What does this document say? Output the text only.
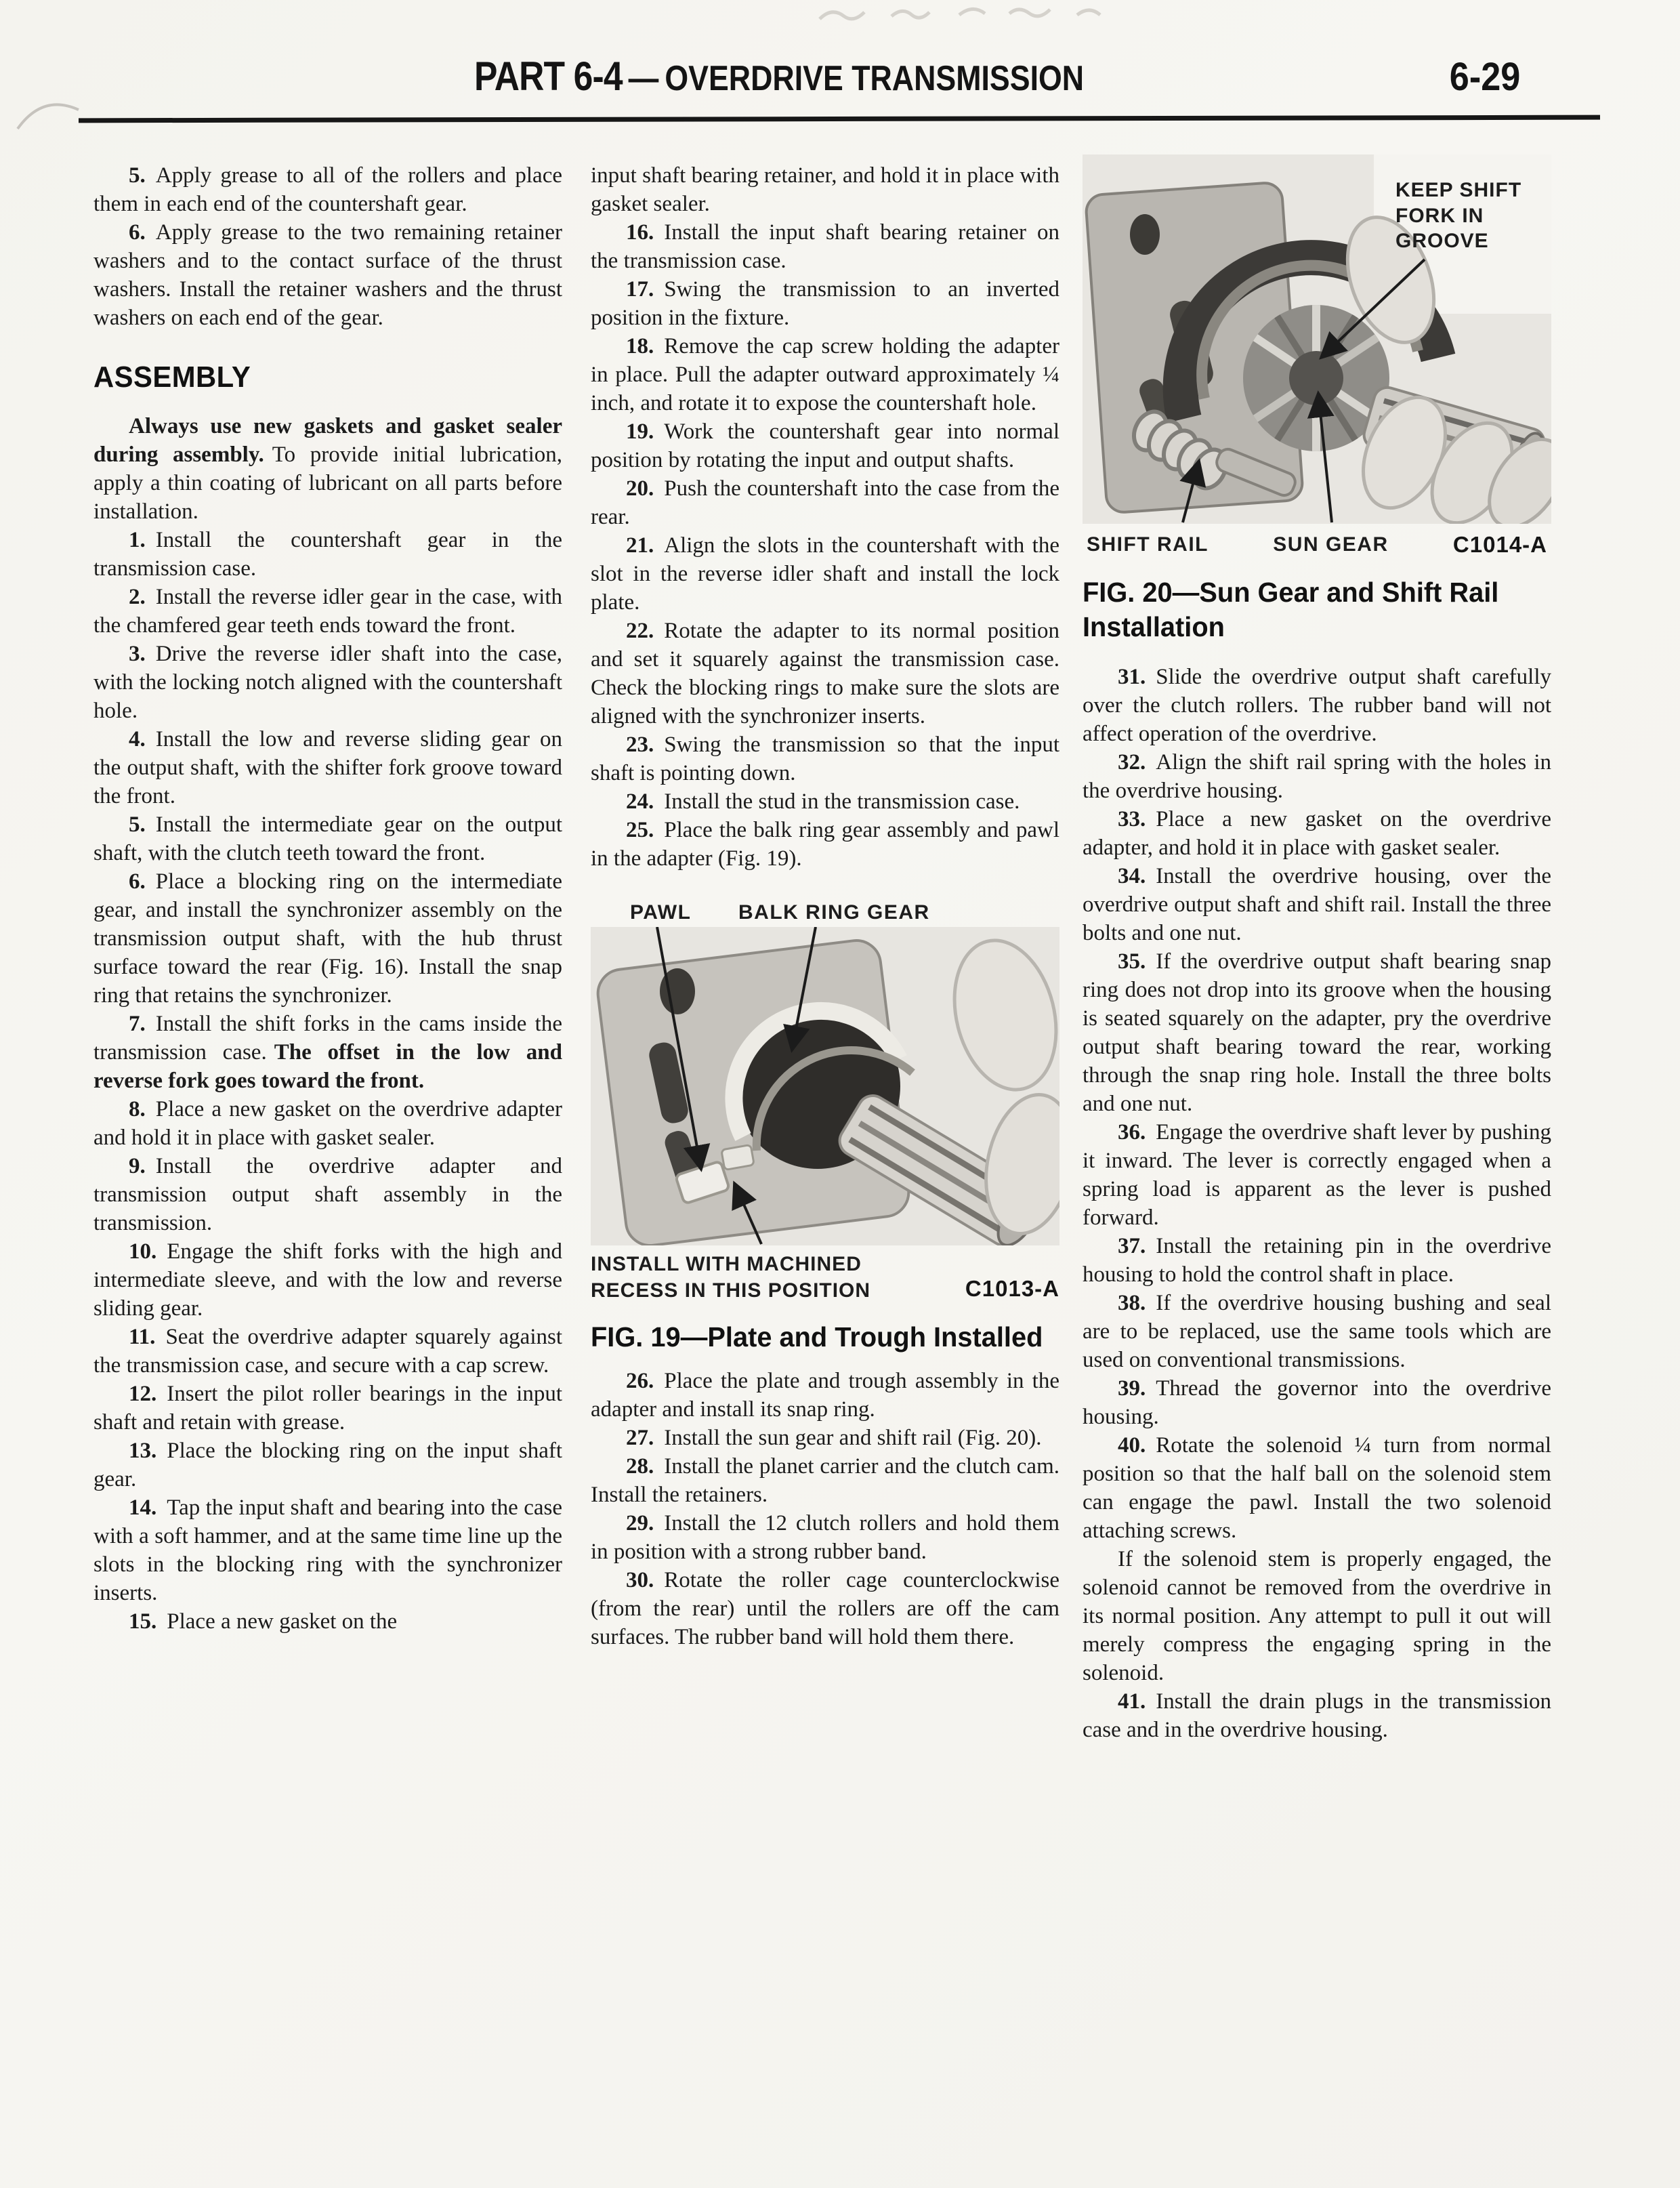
PART 6-4 — OVERDRIVE TRANSMISSION	6-29

5. Apply grease to all of the rollers and place them in each end of the countershaft gear.

6. Apply grease to the two remaining retainer washers and to the contact surface of the thrust washers. Install the retainer washers and the thrust washers on each end of the gear.

ASSEMBLY

Always use new gaskets and gasket sealer during assembly. To provide initial lubrication, apply a thin coating of lubricant on all parts before installation.

1. Install the countershaft gear in the transmission case.

2. Install the reverse idler gear in the case, with the chamfered gear teeth ends toward the front.

3. Drive the reverse idler shaft into the case, with the locking notch aligned with the countershaft hole.

4. Install the low and reverse sliding gear on the output shaft, with the shifter fork groove toward the front.

5. Install the intermediate gear on the output shaft, with the clutch teeth toward the front.

6. Place a blocking ring on the intermediate gear, and install the synchronizer assembly on the transmission output shaft, with the hub thrust surface toward the rear (Fig. 16). Install the snap ring that retains the synchronizer.

7. Install the shift forks in the cams inside the transmission case. The offset in the low and reverse fork goes toward the front.

8. Place a new gasket on the overdrive adapter and hold it in place with gasket sealer.

9. Install the overdrive adapter and transmission output shaft assembly in the transmission.

10. Engage the shift forks with the high and intermediate sleeve, and with the low and reverse sliding gear.

11. Seat the overdrive adapter squarely against the transmission case, and secure with a cap screw.

12. Insert the pilot roller bearings in the input shaft and retain with grease.

13. Place the blocking ring on the input shaft gear.

14. Tap the input shaft and bearing into the case with a soft hammer, and at the same time line up the slots in the blocking ring with the synchronizer inserts.

15. Place a new gasket on the

input shaft bearing retainer, and hold it in place with gasket sealer.

16. Install the input shaft bearing retainer on the transmission case.

17. Swing the transmission to an inverted position in the fixture.

18. Remove the cap screw holding the adapter in place. Pull the adapter outward approximately ¼ inch, and rotate it to expose the countershaft hole.

19. Work the countershaft gear into normal position by rotating the input and output shafts.

20. Push the countershaft into the case from the rear.

21. Align the slots in the countershaft with the slot in the reverse idler shaft and install the lock plate.

22. Rotate the adapter to its normal position and set it squarely against the transmission case. Check the blocking rings to make sure the slots are aligned with the synchronizer inserts.

23. Swing the transmission so that the input shaft is pointing down.

24. Install the stud in the transmission case.

25. Place the balk ring gear assembly and pawl in the adapter (Fig. 19).

PAWL BALK RING GEAR
INSTALL WITH MACHINED
RECESS IN THIS POSITION	C1013-A
FIG. 19—Plate and Trough Installed

26. Place the plate and trough assembly in the adapter and install its snap ring.

27. Install the sun gear and shift rail (Fig. 20).

28. Install the planet carrier and the clutch cam. Install the retainers.

29. Install the 12 clutch rollers and hold them in position with a strong rubber band.

30. Rotate the roller cage counterclockwise (from the rear) until the rollers are off the cam surfaces. The rubber band will hold them there.

KEEP SHIFT FORK IN GROOVE
SHIFT RAIL	SUN GEAR	C1014-A
FIG. 20—Sun Gear and Shift Rail Installation

31. Slide the overdrive output shaft carefully over the clutch rollers. The rubber band will not affect operation of the overdrive.

32. Align the shift rail spring with the holes in the overdrive housing.

33. Place a new gasket on the overdrive adapter, and hold it in place with gasket sealer.

34. Install the overdrive housing, over the overdrive output shaft and shift rail. Install the three bolts and one nut.

35. If the overdrive output shaft bearing snap ring does not drop into its groove when the housing is seated squarely on the adapter, pry the overdrive output shaft bearing toward the rear, working through the snap ring hole. Install the three bolts and one nut.

36. Engage the overdrive shaft lever by pushing it inward. The lever is correctly engaged when a spring load is apparent as the lever is pushed forward.

37. Install the retaining pin in the overdrive housing to hold the control shaft in place.

38. If the overdrive housing bushing and seal are to be replaced, use the same tools which are used on conventional transmissions.

39. Thread the governor into the overdrive housing.

40. Rotate the solenoid ¼ turn from normal position so that the half ball on the solenoid stem can engage the pawl. Install the two solenoid attaching screws.

If the solenoid stem is properly engaged, the solenoid cannot be removed from the overdrive in its normal position. Any attempt to pull it out will merely compress the engaging spring in the solenoid.

41. Install the drain plugs in the transmission case and in the overdrive housing.
